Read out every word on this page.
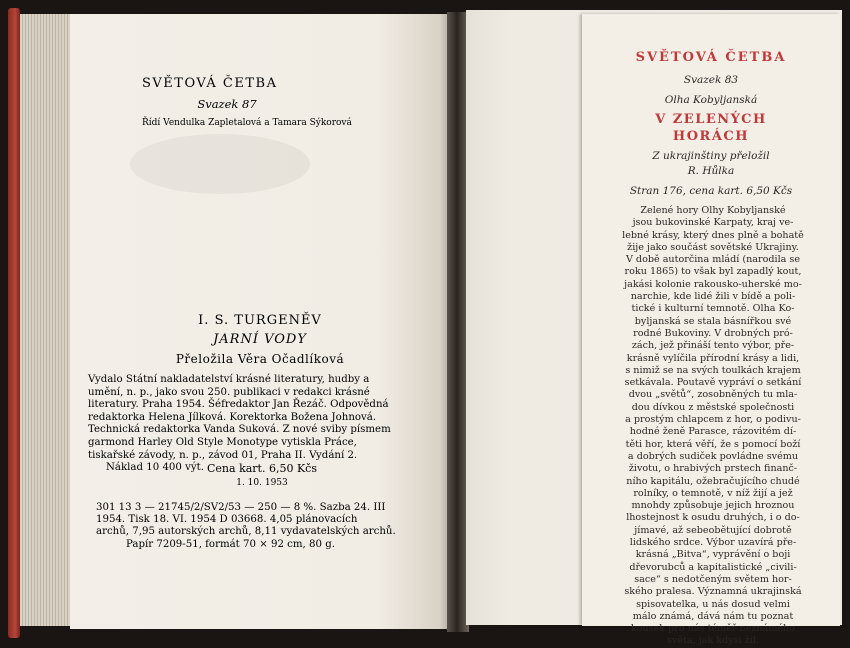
SVĚTOVÁ ČETBA
Svazek 87
Řídí Vendulka Zapletalová a Tamara Sýkorová
I. S. TURGENĚV
JARNÍ VODY
Přeložila Věra Očadlíková
Vydalo Státní nakladatelství krásné literatury, hudby a
umění, n. p., jako svou 250. publikaci v redakci krásné
literatury. Praha 1954. Šéfredaktor Jan Řezáč. Odpovědná
redaktorka Helena Jílková. Korektorka Božena Johnová.
Technická redaktorka Vanda Suková. Z nové sviby písmem
garmond Harley Old Style Monotype vytiskla Práce,
tiskařské závody, n. p., závod 01, Praha II. Vydání 2.
Náklad 10 400 výt. Cena kart. 6,50 Kčs
1. 10. 1953
301 13 3 — 21745/2/SV2/53 — 250 — 8 %. Sazba 24. III
1954. Tisk 18. VI. 1954 D 03668. 4,05 plánovacích
archů, 7,95 autorských archů, 8,11 vydavatelských archů.
Papír 7209-51, formát 70 × 92 cm, 80 g.
SVĚTOVÁ ČETBA
Svazek 83
Olha Kobyljanská
V ZELENÝCH
HORÁCH
Z ukrajinštiny přeložil
R. Hůlka
Stran 176, cena kart. 6,50 Kčs
Zelené hory Olhy Kobyljanské
jsou bukovinské Karpaty, kraj ve-
lebné krásy, který dnes plně a bohatě
žije jako součást sovětské Ukrajiny.
V době autorčina mládí (narodila se
roku 1865) to však byl zapadlý kout,
jakási kolonie rakousko-uherské mo-
narchie, kde lidé žili v bídě a poli-
tické i kulturní temnotě. Olha Ko-
byljanská se stala básnířkou své
rodné Bukoviny. V drobných pró-
zách, jež přináší tento výbor, pře-
krásně vylíčila přírodní krásy a lidi,
s nimiž se na svých toulkách krajem
setkávala. Poutavě vypráví o setkání
dvou „světů“, zosobněných tu mla-
dou dívkou z městské společnosti
a prostým chlapcem z hor, o podivu-
hodné ženě Parasce, rázovitém dí-
těti hor, která věří, že s pomocí boží
a dobrých sudiček povládne svému
životu, o hrabivých prstech finanč-
ního kapitálu, ožebračujícího chudé
rolníky, o temnotě, v níž žijí a jež
mnohdy způsobuje jejich hroznou
lhostejnost k osudu druhých, i o do-
jímavé, až sebeobětující dobrotě
lidského srdce. Výbor uzavírá pře-
krásná „Bitva“, vyprávění o boji
dřevorubců a kapitalistické „civili-
sace“ s nedotčeným světem hor-
ského pralesa. Významná ukrajinská
spisovatelka, u nás dosud velmi
málo známá, dává nám tu poznat
kousek pro nás téměř neznámého
světa, jak kdysi žil.
